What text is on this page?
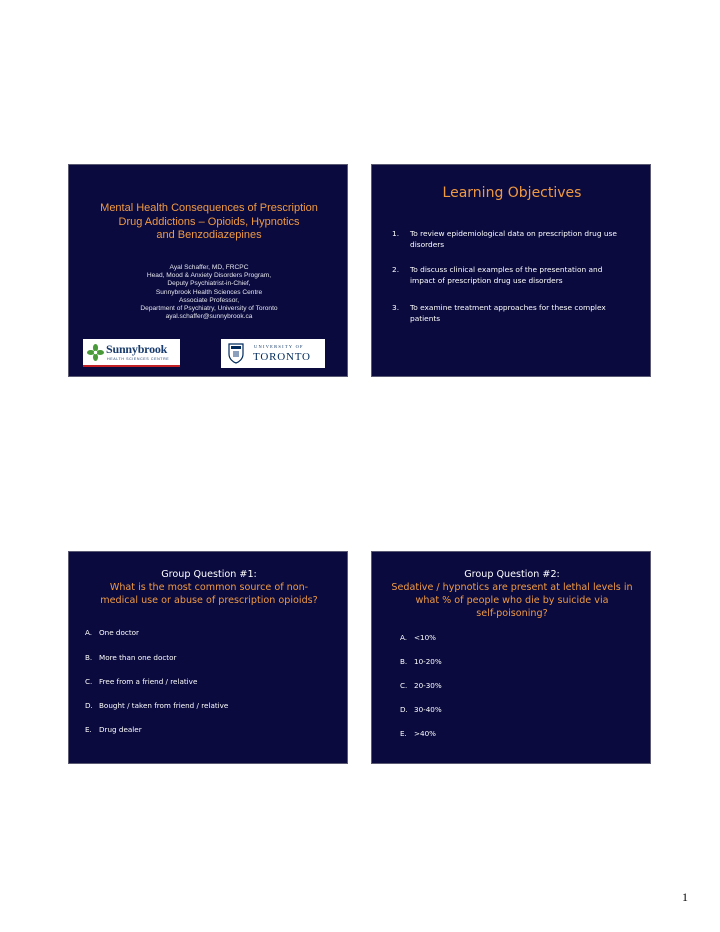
Mental Health Consequences of Prescription
Drug Addictions – Opioids, Hypnotics
and Benzodiazepines
Ayal Schaffer, MD, FRCPC
Head, Mood & Anxiety Disorders Program,
Deputy Psychiatrist-in-Chief,
Sunnybrook Health Sciences Centre
Associate Professor,
Department of Psychiatry, University of Toronto
ayal.schaffer@sunnybrook.ca
Sunnybrook
HEALTH SCIENCES CENTRE
UNIVERSITY OF
TORONTO
Learning Objectives
1. To review epidemiological data on prescription drug use
disorders
2. To discuss clinical examples of the presentation and
impact of prescription drug use disorders
3. To examine treatment approaches for these complex
patients
Group Question #1:
What is the most common source of non-
medical use or abuse of prescription opioids?
A. One doctor
B. More than one doctor
C. Free from a friend / relative
D. Bought / taken from friend / relative
E. Drug dealer
Group Question #2:
Sedative / hypnotics are present at lethal levels in
what % of people who die by suicide via
self-poisoning?
A. <10%
B. 10-20%
C. 20-30%
D. 30-40%
E. >40%
1
